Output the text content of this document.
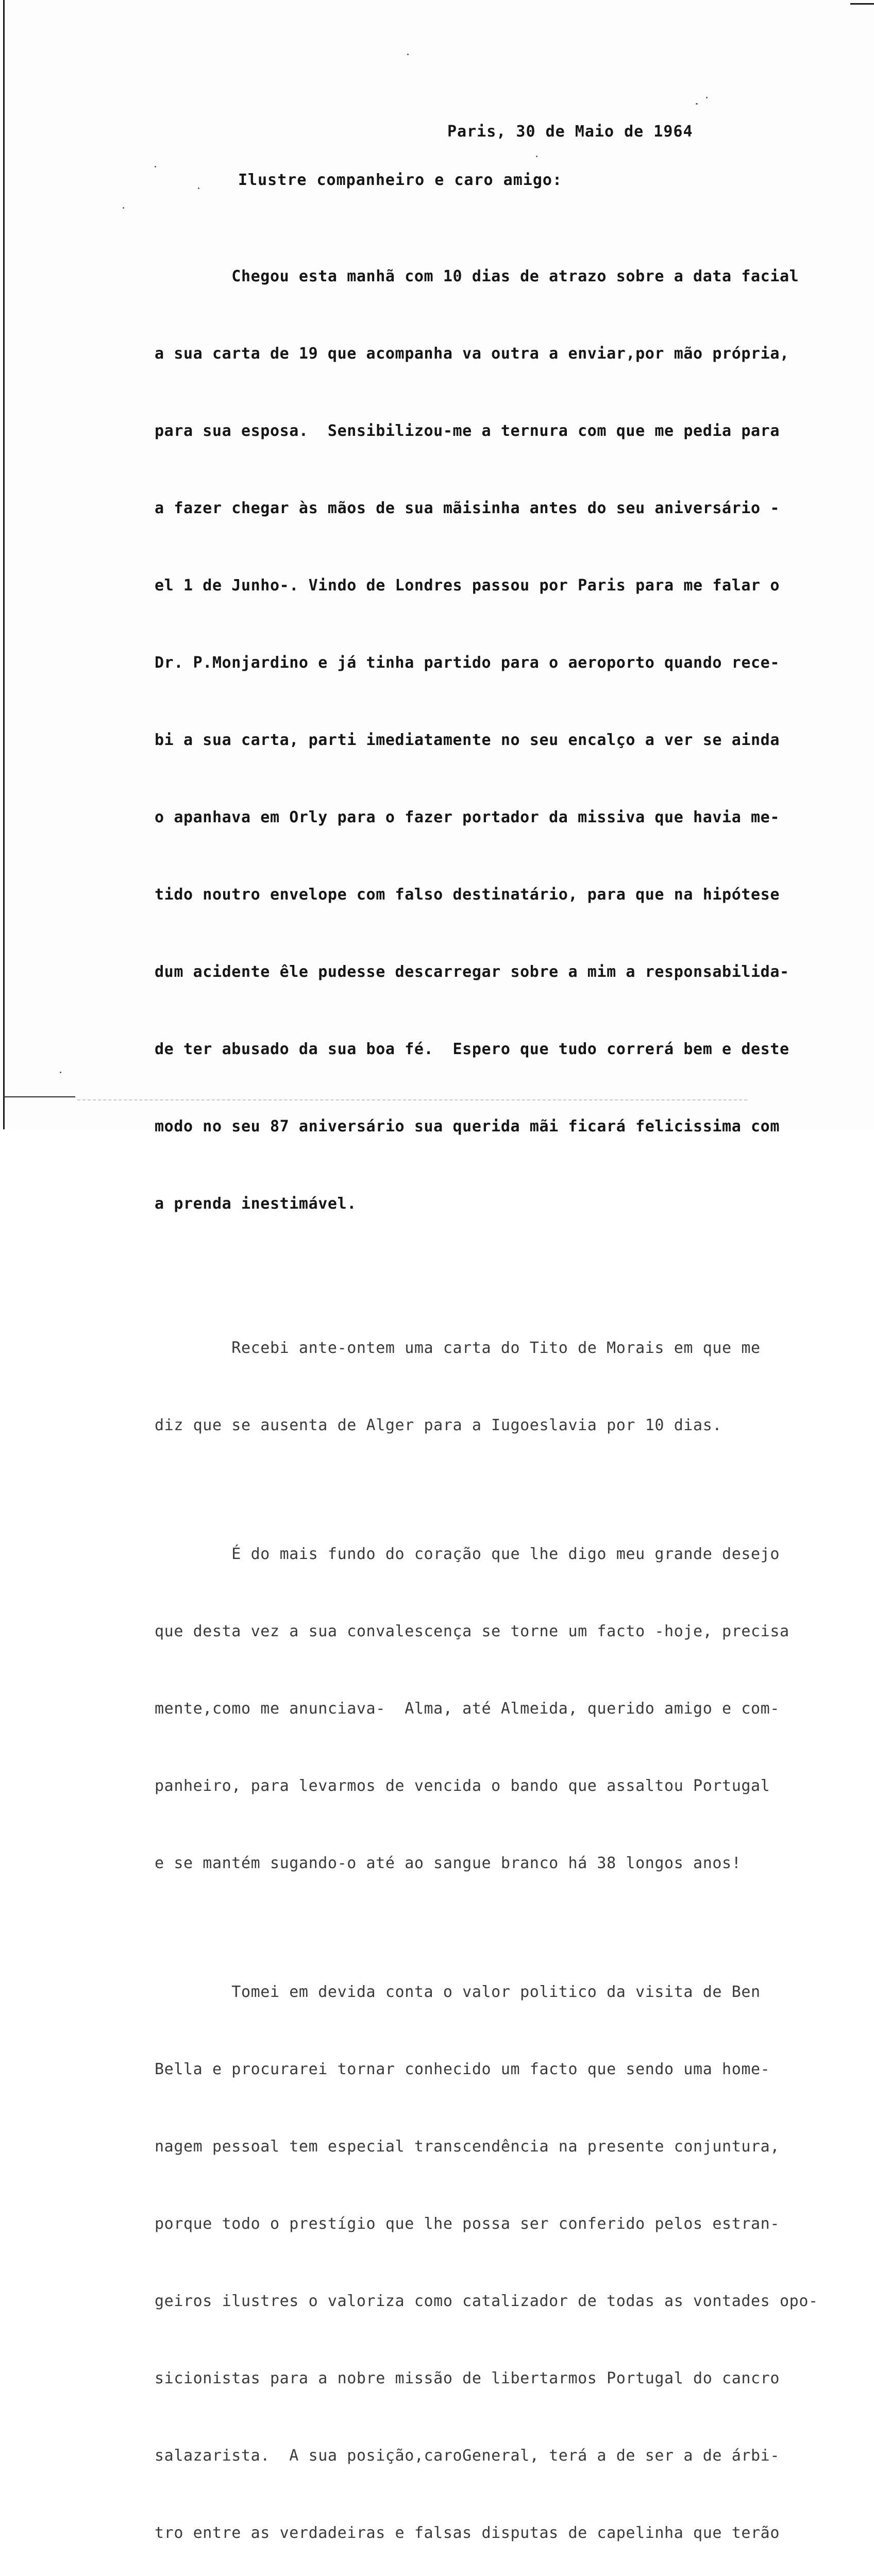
Paris, 30 de Maio de 1964
Ilustre companheiro e caro amigo:

Chegou esta manhã com 10 dias de atrazo sobre a data facial

a sua carta de 19 que acompanha va outra a enviar,por mão própria,

para sua esposa.  Sensibilizou-me a ternura com que me pedia para

a fazer chegar às mãos de sua mãisinha antes do seu aniversário -

el 1 de Junho-. Vindo de Londres passou por Paris para me falar o

Dr. P.Monjardino e já tinha partido para o aeroporto quando rece-

bi a sua carta, parti imediatamente no seu encalço a ver se ainda

o apanhava em Orly para o fazer portador da missiva que havia me-

tido noutro envelope com falso destinatário, para que na hipótese

dum acidente êle pudesse descarregar sobre a mim a responsabilida-

de ter abusado da sua boa fé.  Espero que tudo correrá bem e deste

modo no seu 87 aniversário sua querida mãi ficará felicissima com

a prenda inestimável.

Recebi ante-ontem uma carta do Tito de Morais em que me

diz que se ausenta de Alger para a Iugoeslavia por 10 dias.

É do mais fundo do coração que lhe digo meu grande desejo

que desta vez a sua convalescença se torne um facto -hoje, precisa

mente,como me anunciava-  Alma, até Almeida, querido amigo e com-

panheiro, para levarmos de vencida o bando que assaltou Portugal

e se mantém sugando-o até ao sangue branco há 38 longos anos!

Tomei em devida conta o valor politico da visita de Ben

Bella e procurarei tornar conhecido um facto que sendo uma home-

nagem pessoal tem especial transcendência na presente conjuntura,

porque todo o prestígio que lhe possa ser conferido pelos estran-

geiros ilustres o valoriza como catalizador de todas as vontades opo-

sicionistas para a nobre missão de libertarmos Portugal do cancro

salazarista.  A sua posição,caroGeneral, terá a de ser a de árbi-

tro entre as verdadeiras e falsas disputas de capelinha que terão
